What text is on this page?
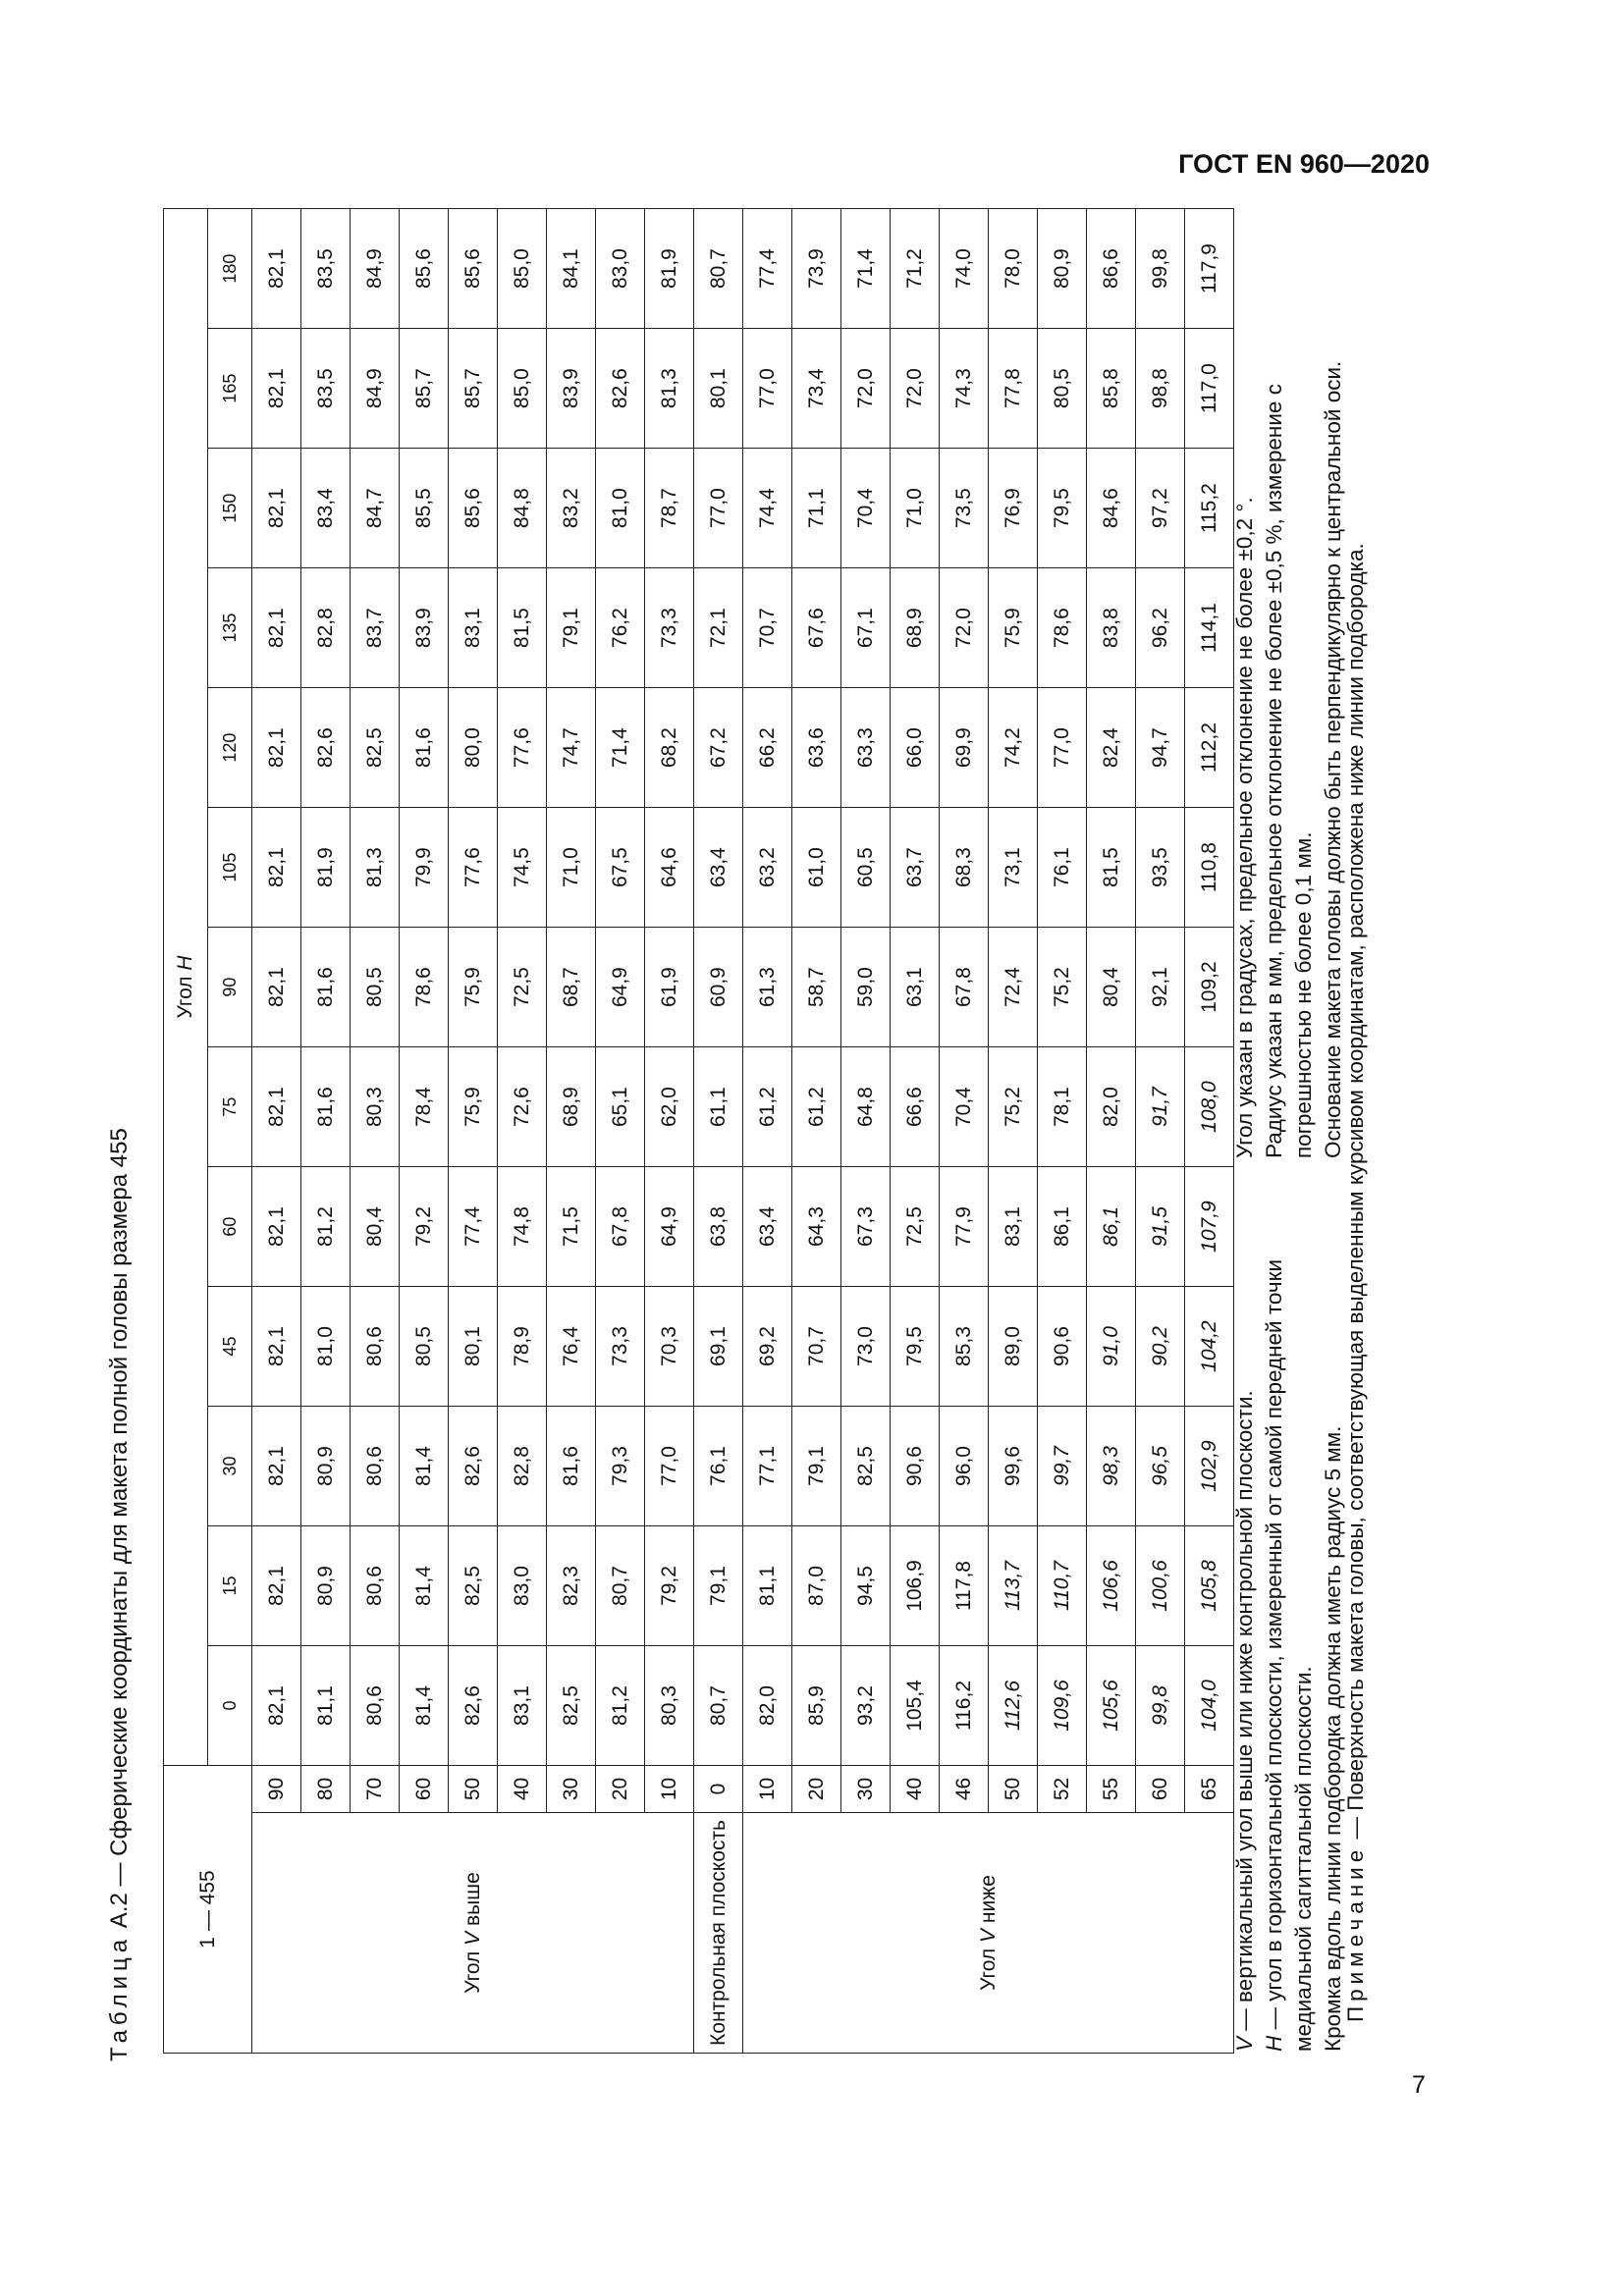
ГОСТ EN 960—2020
7
Таблица А.2 — Сферические координаты для макета полной головы размера 455	1 — 455		Угол H												
		0	15	30	45	60	75	90	105	120	135	150	165	180
Угол V выше	90	82,1	82,1	82,1	82,1	82,1	82,1	82,1	82,1	82,1	82,1	82,1	82,1	82,1
	80	81,1	80,9	80,9	81,0	81,2	81,6	81,6	81,9	82,6	82,8	83,4	83,5	83,5
	70	80,6	80,6	80,6	80,6	80,4	80,3	80,5	81,3	82,5	83,7	84,7	84,9	84,9
	60	81,4	81,4	81,4	80,5	79,2	78,4	78,6	79,9	81,6	83,9	85,5	85,7	85,6
	50	82,6	82,5	82,6	80,1	77,4	75,9	75,9	77,6	80,0	83,1	85,6	85,7	85,6
	40	83,1	83,0	82,8	78,9	74,8	72,6	72,5	74,5	77,6	81,5	84,8	85,0	85,0
	30	82,5	82,3	81,6	76,4	71,5	68,9	68,7	71,0	74,7	79,1	83,2	83,9	84,1
	20	81,2	80,7	79,3	73,3	67,8	65,1	64,9	67,5	71,4	76,2	81,0	82,6	83,0
	10	80,3	79,2	77,0	70,3	64,9	62,0	61,9	64,6	68,2	73,3	78,7	81,3	81,9
Контрольная плоскость	0	80,7	79,1	76,1	69,1	63,8	61,1	60,9	63,4	67,2	72,1	77,0	80,1	80,7
Угол V ниже	10	82,0	81,1	77,1	69,2	63,4	61,2	61,3	63,2	66,2	70,7	74,4	77,0	77,4
	20	85,9	87,0	79,1	70,7	64,3	61,2	58,7	61,0	63,6	67,6	71,1	73,4	73,9
	30	93,2	94,5	82,5	73,0	67,3	64,8	59,0	60,5	63,3	67,1	70,4	72,0	71,4
	40	105,4	106,9	90,6	79,5	72,5	66,6	63,1	63,7	66,0	68,9	71,0	72,0	71,2
	46	116,2	117,8	96,0	85,3	77,9	70,4	67,8	68,3	69,9	72,0	73,5	74,3	74,0
	50	112,6	113,7	99,6	89,0	83,1	75,2	72,4	73,1	74,2	75,9	76,9	77,8	78,0
	52	109,6	110,7	99,7	90,6	86,1	78,1	75,2	76,1	77,0	78,6	79,5	80,5	80,9
	55	105,6	106,6	98,3	91,0	86,1	82,0	80,4	81,5	82,4	83,8	84,6	85,8	86,6
	60	99,8	100,6	96,5	90,2	91,5	91,7	92,1	93,5	94,7	96,2	97,2	98,8	99,8
	65	104,0	105,8	102,9	104,2	107,9	108,0	109,2	110,8	112,2	114,1	115,2	117,0	117,9

V — вертикальный угол выше или ниже контрольной плоскости.

H — угол в горизонтальной плоскости, измеренный от самой передней точки медиальной сагиттальной плоскости. Кромка вдоль линии подбородка должна иметь радиус 5 мм.

Угол указан в градусах, предельное отклонение не более ±0,2 °. Радиус указан в мм, предельное отклонение не более ±0,5 %, измерение с погрешностью не более 0,1 мм. Основание макета головы должно быть перпендикулярно к центральной оси.

Примечание — Поверхность макета головы, соответствующая выделенным курсивом координатам, расположена ниже линии подбородка.
